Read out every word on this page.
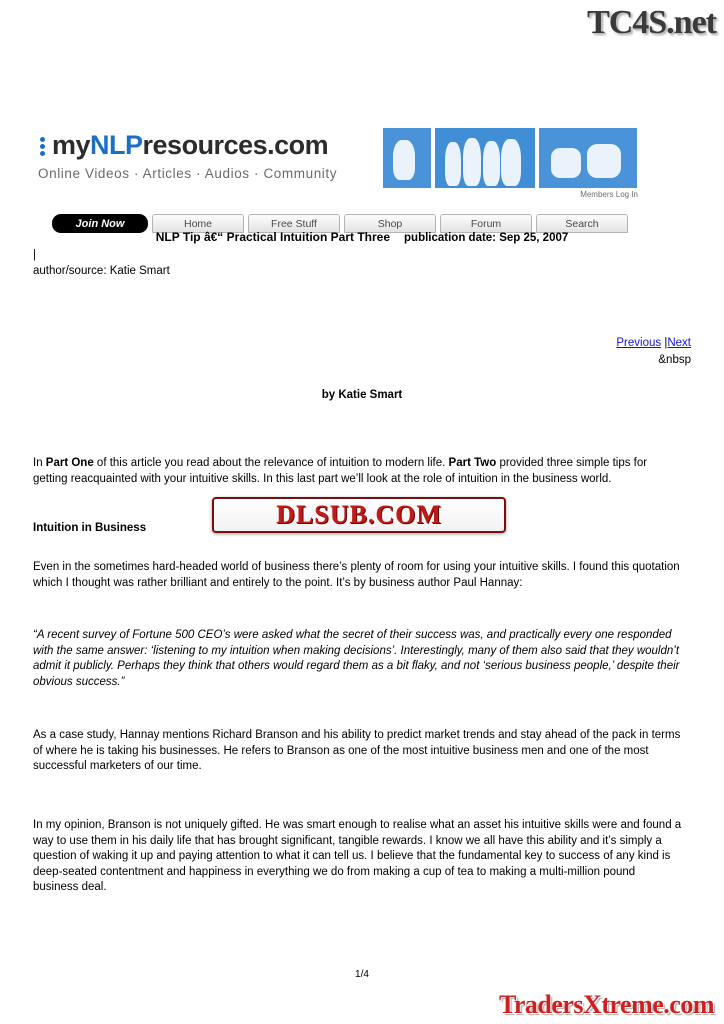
TC4S.net
myNLPresources.com
Online Videos · Articles · Audios · Community
Members Log In
Join Now	Home	Free Stuff	Shop	Forum	Search
NLP Tip â€“ Practical Intuition Part Three publication date: Sep 25, 2007
|
author/source: Katie Smart
Previous |Next
&nbsp
by Katie Smart
In Part One of this article you read about the relevance of intuition to modern life. Part Two provided three simple tips for getting reacquainted with your intuitive skills. In this last part we’ll look at the role of intuition in the business world.
Intuition in Business
Even in the sometimes hard-headed world of business there’s plenty of room for using your intuitive skills. I found this quotation which I thought was rather brilliant and entirely to the point. It’s by business author Paul Hannay:
“A recent survey of Fortune 500 CEO’s were asked what the secret of their success was, and practically every one responded with the same answer: ‘listening to my intuition when making decisions’. Interestingly, many of them also said that they wouldn’t admit it publicly. Perhaps they think that others would regard them as a bit flaky, and not ‘serious business people,’ despite their obvious success.”
As a case study, Hannay mentions Richard Branson and his ability to predict market trends and stay ahead of the pack in terms of where he is taking his businesses. He refers to Branson as one of the most intuitive business men and one of the most successful marketers of our time.
In my opinion, Branson is not uniquely gifted. He was smart enough to realise what an asset his intuitive skills were and found a way to use them in his daily life that has brought significant, tangible rewards. I know we all have this ability and it’s simply a question of waking it up and paying attention to what it can tell us. I believe that the fundamental key to success of any kind is deep-seated contentment and happiness in everything we do from making a cup of tea to making a multi-million pound business deal.
1/4
DLSUB.COM
TradersXtreme.com
